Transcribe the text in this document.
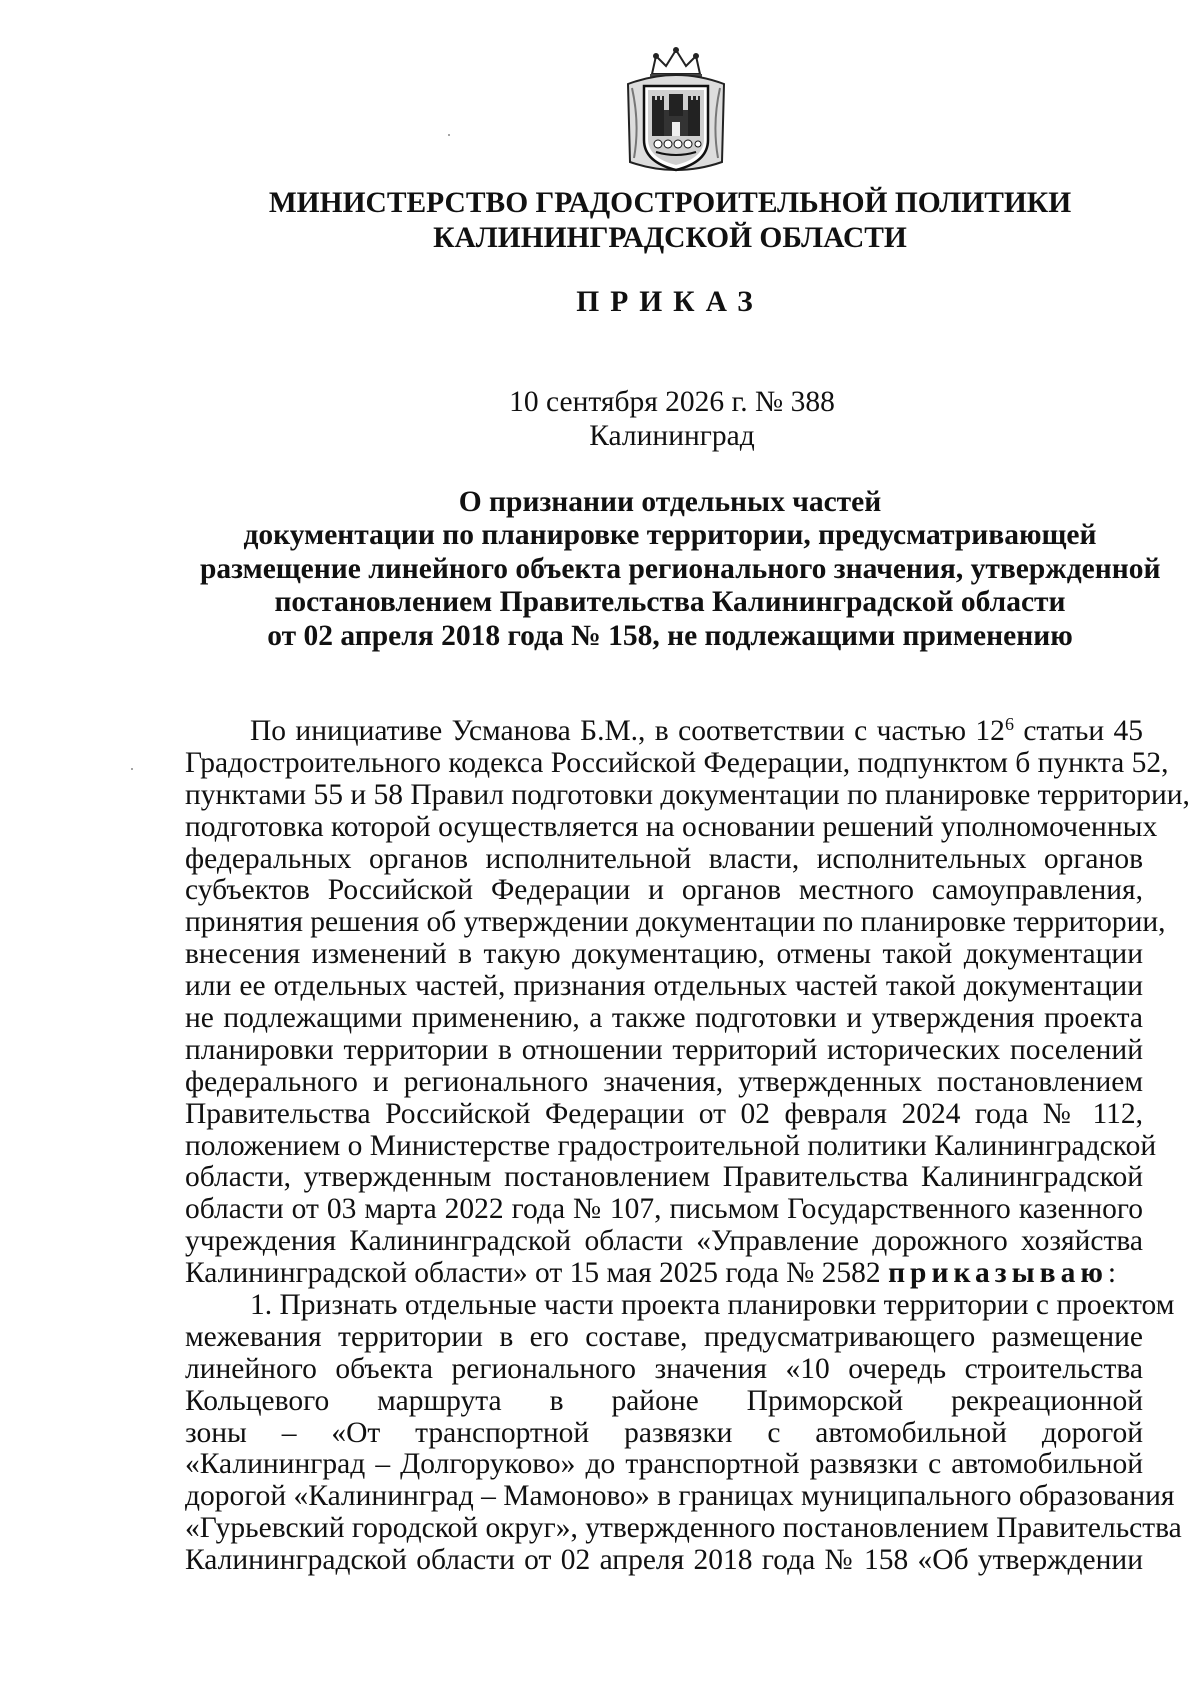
МИНИСТЕРСТВО ГРАДОСТРОИТЕЛЬНОЙ ПОЛИТИКИ
КАЛИНИНГРАДСКОЙ ОБЛАСТИ
ПРИКАЗ
10 сентября 2026 г. № 388
Калининград
О признании отдельных частей
документации по планировке территории, предусматривающей
размещение линейного объекта регионального значения, утвержденной
постановлением Правительства Калининградской области
от 02 апреля 2018 года № 158, не подлежащими применению
По инициативе Усманова Б.М., в соответствии с частью $12^6$ статьи 45
Градостроительного кодекса Российской Федерации, подпунктом б пункта 52,
пунктами 55 и 58 Правил подготовки документации по планировке территории,
подготовка которой осуществляется на основании решений уполномоченных
федеральных органов исполнительной власти, исполнительных органов
субъектов Российской Федерации и органов местного самоуправления,
принятия решения об утверждении документации по планировке территории,
внесения изменений в такую документацию, отмены такой документации
или ее отдельных частей, признания отдельных частей такой документации
не подлежащими применению, а также подготовки и утверждения проекта
планировки территории в отношении территорий исторических поселений
федерального и регионального значения, утвержденных постановлением
Правительства Российской Федерации от 02 февраля 2024 года № 112,
положением о Министерстве градостроительной политики Калининградской
области, утвержденным постановлением Правительства Калининградской
области от 03 марта 2022 года № 107, письмом Государственного казенного
учреждения Калининградской области «Управление дорожного хозяйства
Калининградской области» от 15 мая 2025 года № 2582 приказываю:
1. Признать отдельные части проекта планировки территории с проектом
межевания территории в его составе, предусматривающего размещение
линейного объекта регионального значения «10 очередь строительства
Кольцевого маршрута в районе Приморской рекреационной
зоны – «От транспортной развязки с автомобильной дорогой
«Калининград – Долгоруково» до транспортной развязки с автомобильной
дорогой «Калининград – Мамоново» в границах муниципального образования
«Гурьевский городской округ», утвержденного постановлением Правительства
Калининградской области от 02 апреля 2018 года № 158 «Об утверждении
